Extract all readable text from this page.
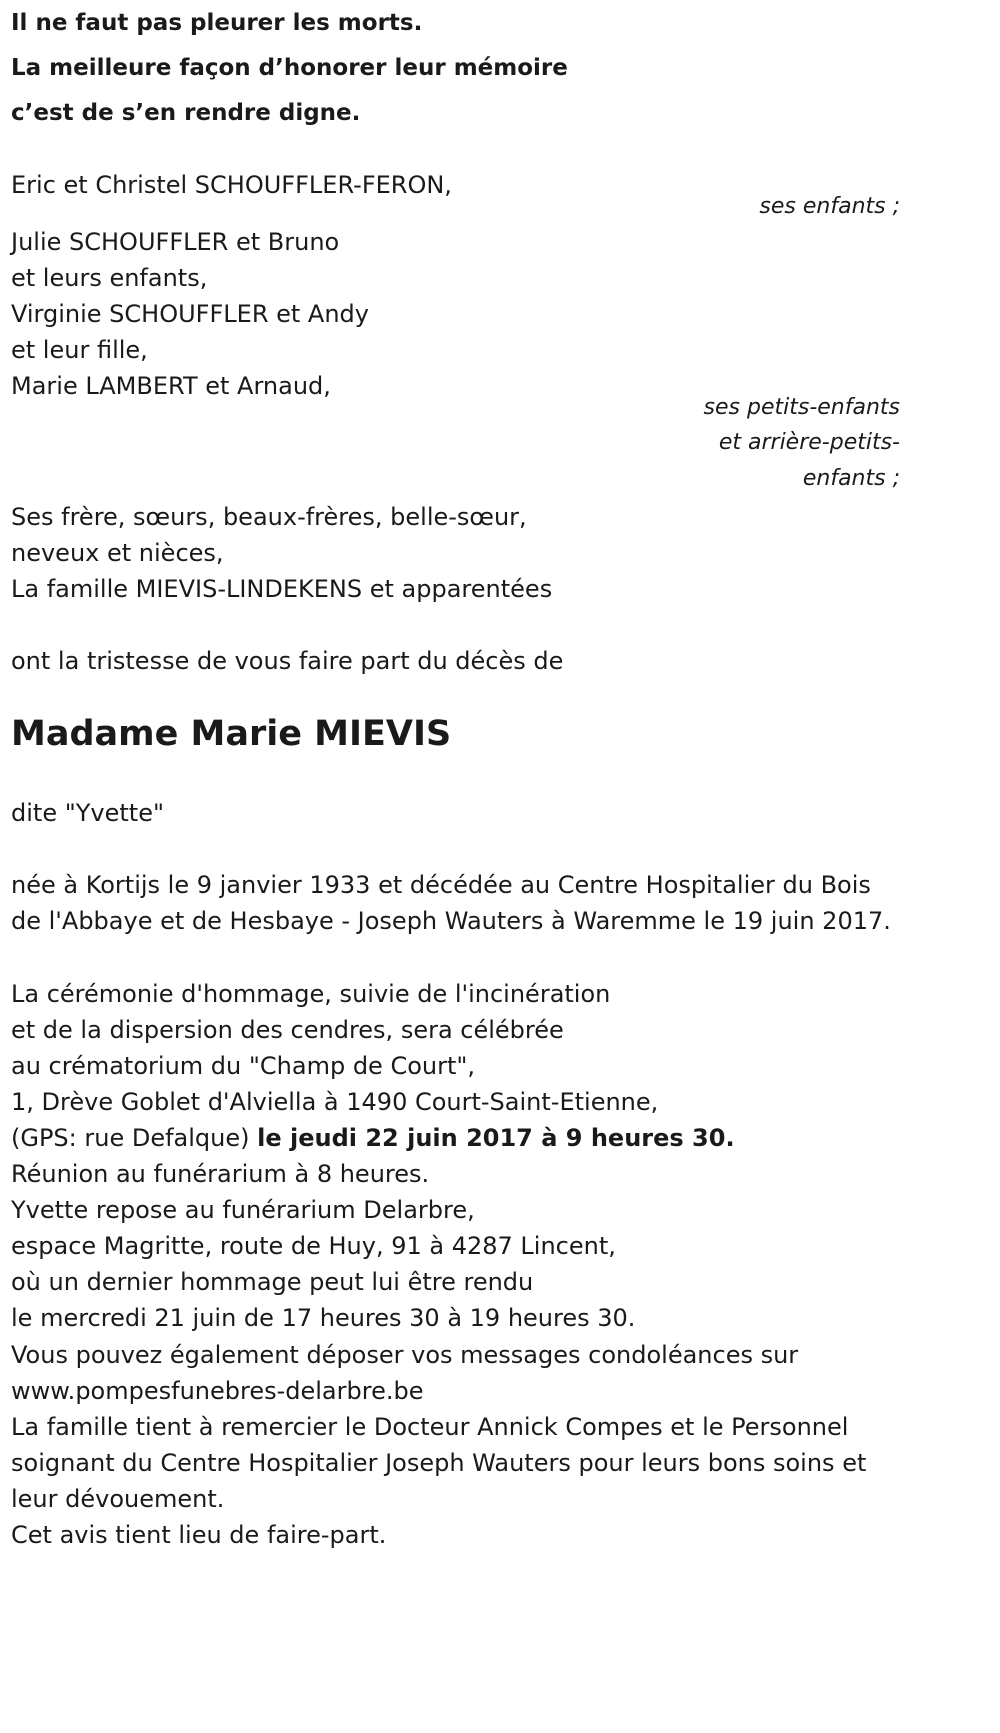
Il ne faut pas pleurer les morts.
La meilleure façon d’honorer leur mémoire
c’est de s’en rendre digne.
Eric et Christel SCHOUFFLER-FERON,
ses enfants ;
Julie SCHOUFFLER et Bruno
et leurs enfants,
Virginie SCHOUFFLER et Andy
et leur fille,
Marie LAMBERT et Arnaud,
ses petits-enfants
et arrière-petits-
enfants ;
Ses frère, sœurs, beaux-frères, belle-sœur,
neveux et nièces,
La famille MIEVIS-LINDEKENS et apparentées
ont la tristesse de vous faire part du décès de
Madame Marie MIEVIS
dite "Yvette"
née à Kortijs le 9 janvier 1933 et décédée au Centre Hospitalier du Bois
de l'Abbaye et de Hesbaye - Joseph Wauters à Waremme le 19 juin 2017.
La cérémonie d'hommage, suivie de l'incinération
et de la dispersion des cendres, sera célébrée
au crématorium du "Champ de Court",
1, Drève Goblet d'Alviella à 1490 Court-Saint-Etienne,
(GPS: rue Defalque) le jeudi 22 juin 2017 à 9 heures 30.
Réunion au funérarium à 8 heures.
Yvette repose au funérarium Delarbre,
espace Magritte, route de Huy, 91 à 4287 Lincent,
où un dernier hommage peut lui être rendu
le mercredi 21 juin de 17 heures 30 à 19 heures 30.
Vous pouvez également déposer vos messages condoléances sur
www.pompesfunebres-delarbre.be
La famille tient à remercier le Docteur Annick Compes et le Personnel
soignant du Centre Hospitalier Joseph Wauters pour leurs bons soins et
leur dévouement.
Cet avis tient lieu de faire-part.
